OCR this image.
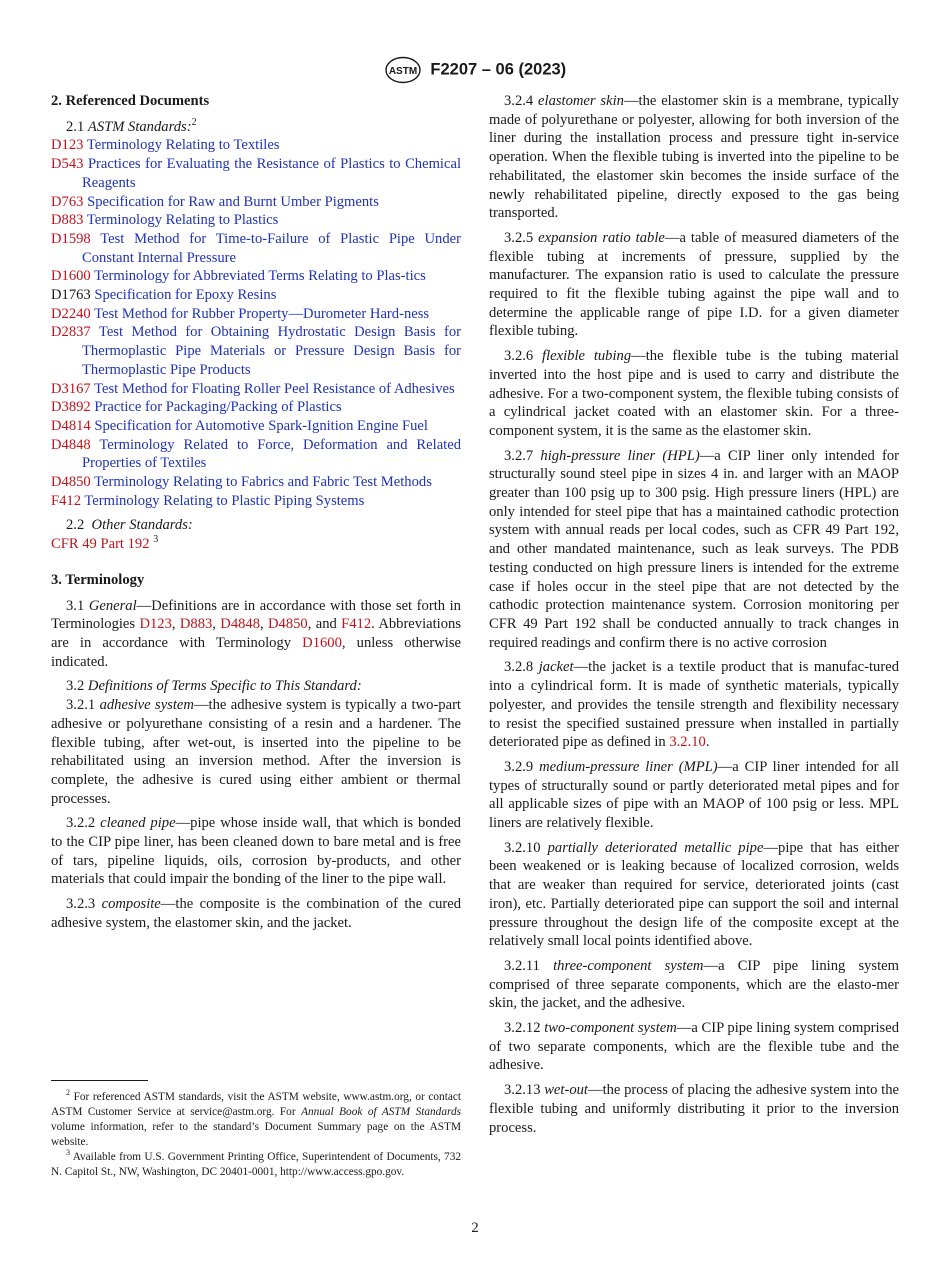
ASTM F2207 – 06 (2023)
2. Referenced Documents

2.1 ASTM Standards:$^2$

D123 Terminology Relating to Textiles

D543 Practices for Evaluating the Resistance of Plastics to Chemical Reagents

D763 Specification for Raw and Burnt Umber Pigments

D883 Terminology Relating to Plastics

D1598 Test Method for Time-to-Failure of Plastic Pipe Under Constant Internal Pressure

D1600 Terminology for Abbreviated Terms Relating to Plas-tics

D1763 Specification for Epoxy Resins

D2240 Test Method for Rubber Property—Durometer Hard-ness

D2837 Test Method for Obtaining Hydrostatic Design Basis for Thermoplastic Pipe Materials or Pressure Design Basis for Thermoplastic Pipe Products

D3167 Test Method for Floating Roller Peel Resistance of Adhesives

D3892 Practice for Packaging/Packing of Plastics

D4814 Specification for Automotive Spark-Ignition Engine Fuel

D4848 Terminology Related to Force, Deformation and Related Properties of Textiles

D4850 Terminology Relating to Fabrics and Fabric Test Methods

F412 Terminology Relating to Plastic Piping Systems

2.2 Other Standards:

CFR 49 Part 192 $^3$

3. Terminology

3.1 General—Definitions are in accordance with those set forth in Terminologies D123, D883, D4848, D4850, and F412. Abbreviations are in accordance with Terminology D1600, unless otherwise indicated.

3.2 Definitions of Terms Specific to This Standard:

3.2.1 adhesive system—the adhesive system is typically a two-part adhesive or polyurethane consisting of a resin and a hardener. The flexible tubing, after wet-out, is inserted into the pipeline to be rehabilitated using an inversion method. After the inversion is complete, the adhesive is cured using either ambient or thermal processes.

3.2.2 cleaned pipe—pipe whose inside wall, that which is bonded to the CIP pipe liner, has been cleaned down to bare metal and is free of tars, pipeline liquids, oils, corrosion by-products, and other materials that could impair the bonding of the liner to the pipe wall.

3.2.3 composite—the composite is the combination of the cured adhesive system, the elastomer skin, and the jacket.

3.2.4 elastomer skin—the elastomer skin is a membrane, typically made of polyurethane or polyester, allowing for both inversion of the liner during the installation process and pressure tight in-service operation. When the flexible tubing is inverted into the pipeline to be rehabilitated, the elastomer skin becomes the inside surface of the newly rehabilitated pipeline, directly exposed to the gas being transported.

3.2.5 expansion ratio table—a table of measured diameters of the flexible tubing at increments of pressure, supplied by the manufacturer. The expansion ratio is used to calculate the pressure required to fit the flexible tubing against the pipe wall and to determine the applicable range of pipe I.D. for a given diameter flexible tubing.

3.2.6 flexible tubing—the flexible tube is the tubing material inverted into the host pipe and is used to carry and distribute the adhesive. For a two-component system, the flexible tubing consists of a cylindrical jacket coated with an elastomer skin. For a three-component system, it is the same as the elastomer skin.

3.2.7 high-pressure liner (HPL)—a CIP liner only intended for structurally sound steel pipe in sizes 4 in. and larger with an MAOP greater than 100 psig up to 300 psig. High pressure liners (HPL) are only intended for steel pipe that has a maintained cathodic protection system with annual reads per local codes, such as CFR 49 Part 192, and other mandated maintenance, such as leak surveys. The PDB testing conducted on high pressure liners is intended for the extreme case if holes occur in the steel pipe that are not detected by the cathodic protection maintenance system. Corrosion monitoring per CFR 49 Part 192 shall be conducted annually to track changes in required readings and confirm there is no active corrosion

3.2.8 jacket—the jacket is a textile product that is manufac-tured into a cylindrical form. It is made of synthetic materials, typically polyester, and provides the tensile strength and flexibility necessary to resist the specified sustained pressure when installed in partially deteriorated pipe as defined in 3.2.10.

3.2.9 medium-pressure liner (MPL)—a CIP liner intended for all types of structurally sound or partly deteriorated metal pipes and for all applicable sizes of pipe with an MAOP of 100 psig or less. MPL liners are relatively flexible.

3.2.10 partially deteriorated metallic pipe—pipe that has either been weakened or is leaking because of localized corrosion, welds that are weaker than required for service, deteriorated joints (cast iron), etc. Partially deteriorated pipe can support the soil and internal pressure throughout the design life of the composite except at the relatively small local points identified above.

3.2.11 three-component system—a CIP pipe lining system comprised of three separate components, which are the elasto-mer skin, the jacket, and the adhesive.

3.2.12 two-component system—a CIP pipe lining system comprised of two separate components, which are the flexible tube and the adhesive.

3.2.13 wet-out—the process of placing the adhesive system into the flexible tubing and uniformly distributing it prior to the inversion process.

$^2$ For referenced ASTM standards, visit the ASTM website, www.astm.org, or contact ASTM Customer Service at service@astm.org. For Annual Book of ASTM Standards volume information, refer to the standard’s Document Summary page on the ASTM website.

$^3$ Available from U.S. Government Printing Office, Superintendent of Documents, 732 N. Capitol St., NW, Washington, DC 20401-0001, http://www.access.gpo.gov.

2
